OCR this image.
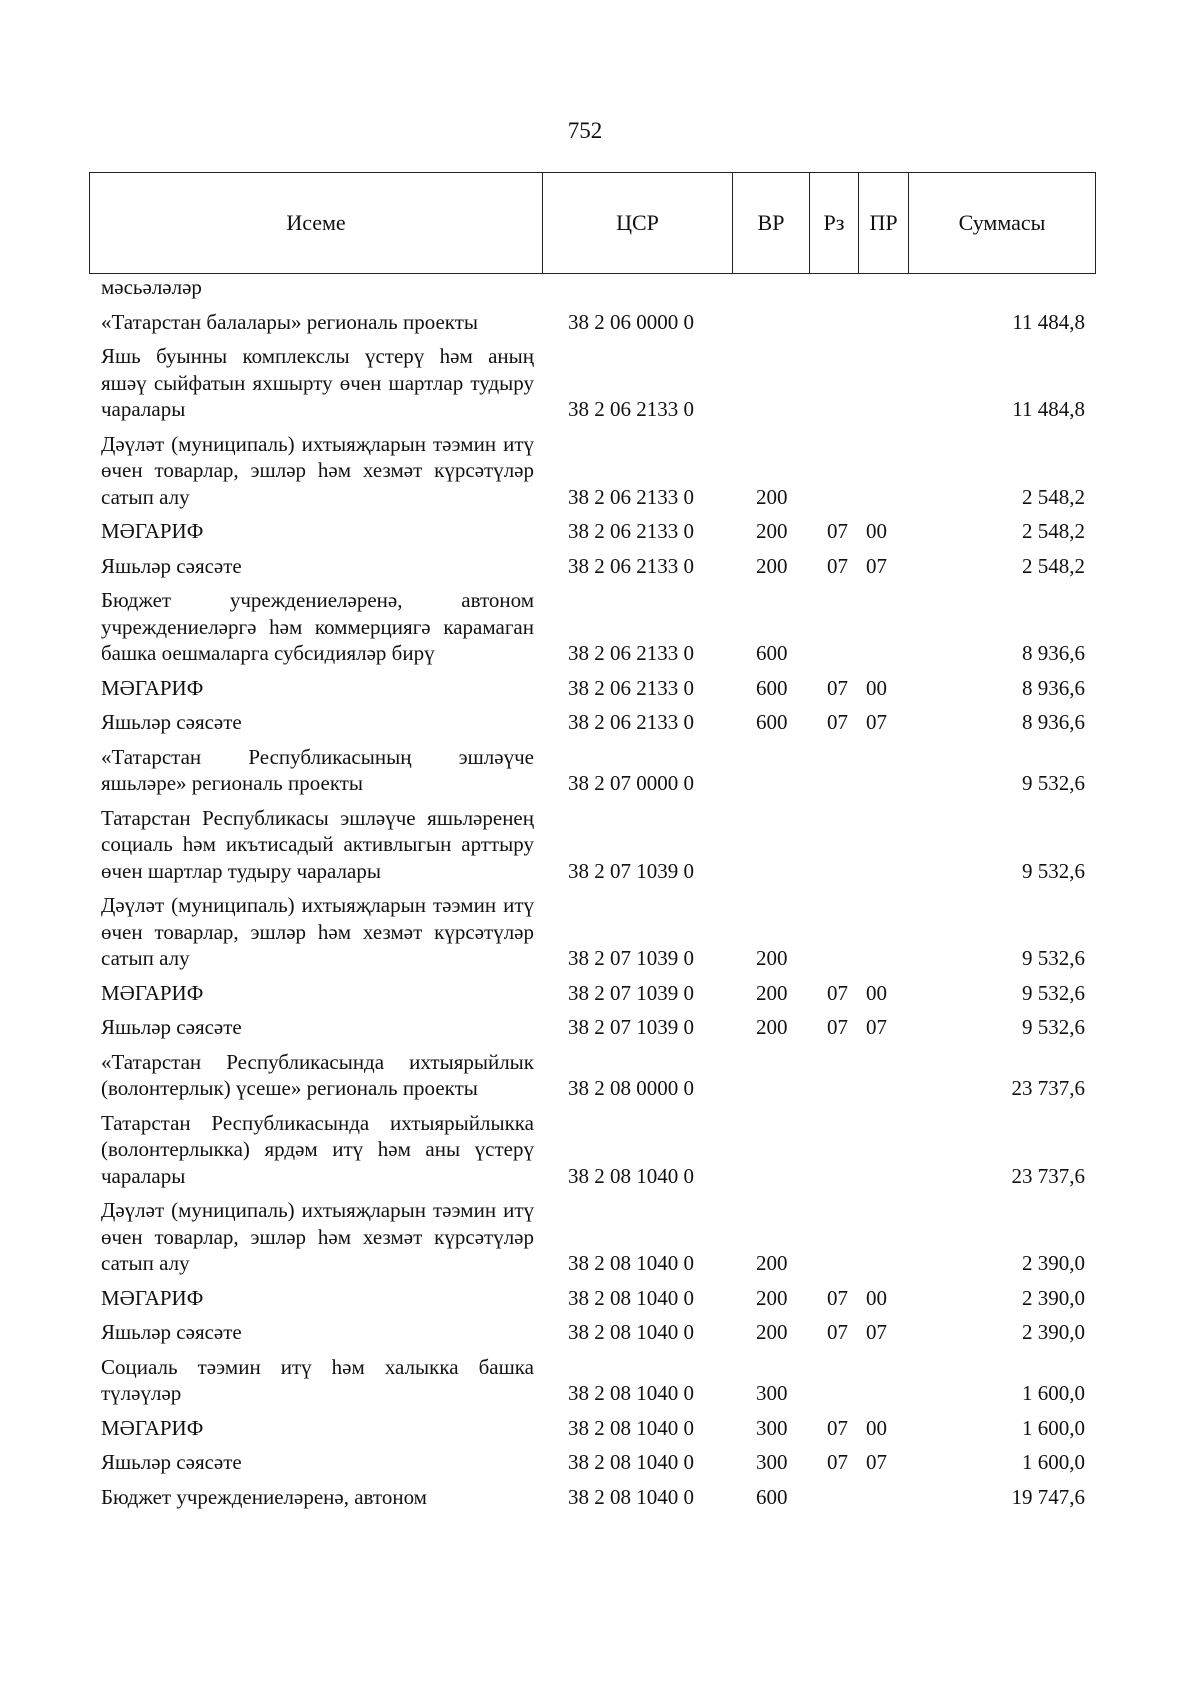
752
Исеме	ЦСР	ВР	Рз	ПР	Суммасы
мәсьәләләр					
«Татарстан балалары» региональ проекты	38 2 06 0000 0				11 484,8
Яшь буынны комплекслы үстерү һәм аның яшәү сыйфатын яхшырту өчен шартлар тудыру чаралары	38 2 06 2133 0				11 484,8
Дәүләт (муниципаль) ихтыяҗларын тәэмин итү өчен товарлар, эшләр һәм хезмәт күрсәтүләр сатып алу	38 2 06 2133 0	200			2 548,2
МӘГАРИФ	38 2 06 2133 0	200	07	00	2 548,2
Яшьләр сәясәте	38 2 06 2133 0	200	07	07	2 548,2
Бюджет учреждениеләренә, автоном учреждениеләргә һәм коммерциягә карамаган башка оешмаларга субсидияләр бирү	38 2 06 2133 0	600			8 936,6
МӘГАРИФ	38 2 06 2133 0	600	07	00	8 936,6
Яшьләр сәясәте	38 2 06 2133 0	600	07	07	8 936,6
«Татарстан Республикасының эшләүче яшьләре» региональ проекты	38 2 07 0000 0				9 532,6
Татарстан Республикасы эшләүче яшьләренең социаль һәм икътисадый активлыгын арттыру өчен шартлар тудыру чаралары	38 2 07 1039 0				9 532,6
Дәүләт (муниципаль) ихтыяҗларын тәэмин итү өчен товарлар, эшләр һәм хезмәт күрсәтүләр сатып алу	38 2 07 1039 0	200			9 532,6
МӘГАРИФ	38 2 07 1039 0	200	07	00	9 532,6
Яшьләр сәясәте	38 2 07 1039 0	200	07	07	9 532,6
«Татарстан Республикасында ихтыярыйлык (волонтерлык) үсеше» региональ проекты	38 2 08 0000 0				23 737,6
Татарстан Республикасында ихтыярыйлыкка (волонтерлыкка) ярдәм итү һәм аны үстерү чаралары	38 2 08 1040 0				23 737,6
Дәүләт (муниципаль) ихтыяҗларын тәэмин итү өчен товарлар, эшләр һәм хезмәт күрсәтүләр сатып алу	38 2 08 1040 0	200			2 390,0
МӘГАРИФ	38 2 08 1040 0	200	07	00	2 390,0
Яшьләр сәясәте	38 2 08 1040 0	200	07	07	2 390,0
Социаль тәэмин итү һәм халыкка башка түләүләр	38 2 08 1040 0	300			1 600,0
МӘГАРИФ	38 2 08 1040 0	300	07	00	1 600,0
Яшьләр сәясәте	38 2 08 1040 0	300	07	07	1 600,0
Бюджет учреждениеләренә, автоном	38 2 08 1040 0	600			19 747,6
